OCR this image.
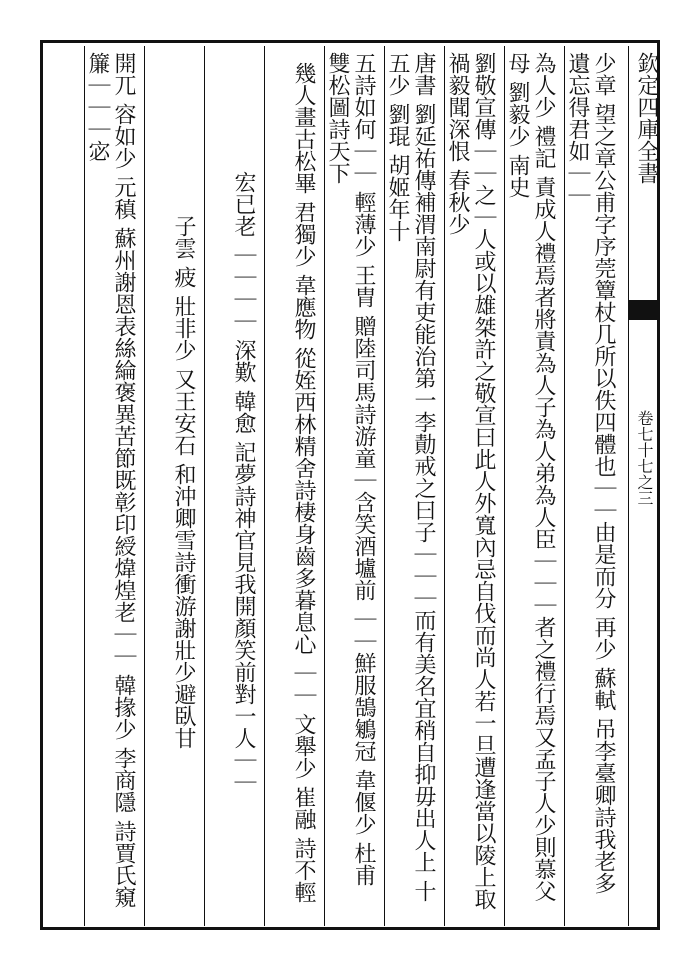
欽定四庫全書
卷七十七之三
少章 望之章公甫字序莞簟杖几所以佚四體也｜｜由是而分 再少 蘇軾 吊李臺卿詩我老多遺忘得君如｜｜
為人少 禮記 責成人禮焉者將責為人子為人弟為人臣｜｜｜者之禮行焉又孟子人少則慕父母 劉毅少 南史
劉敬宣傳｜｜之｜人或以雄桀許之敬宣曰此人外寬內忌自伐而尚人若一旦遭逢當以陵上取禍毅聞深恨 春秋少
唐書 劉延祐傳補渭南尉有吏能治第一李勣戒之曰子｜｜｜而有美名宜稍自抑毋出人上 十五少 劉琨 胡姬年十
五詩如何｜｜ 輕薄少 王胄 贈陸司馬詩游童｜含笑酒壚前 ｜｜鮮服鵠鵴冠 韋偃少 杜甫 雙松圖詩天下
幾人畫古松畢 君獨少 韋應物 從姪西林精舍詩棲身齒多暮息心 ｜｜ 文舉少 崔融 詩不輕
宏已老 ｜｜｜｜ 深歎 韓愈 記夢詩神官見我開顏笑前對一人｜｜
子雲 疲 壯非少 又王安石 和沖卿雪詩衝游謝壯少避臥甘
開兀 容如少 元稹 蘇州謝恩表絲綸褒異苦節既彰印綬煒煌老｜｜ 韓掾少 李商隱 詩賈氏窺簾｜｜｜宓
